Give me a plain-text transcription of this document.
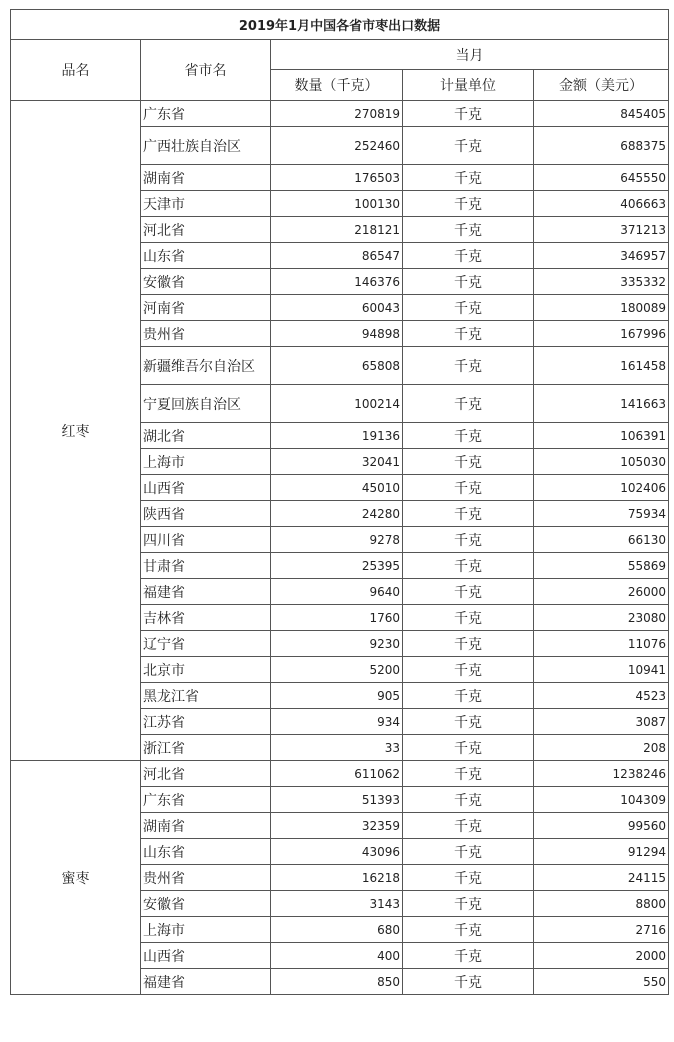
2019年1月中国各省市枣出口数据				
品名	省市名	当月		
		数量（千克）	计量单位	金额（美元）
红枣	广东省	270819	千克	845405
	广西壮族自治区	252460	千克	688375
	湖南省	176503	千克	645550
	天津市	100130	千克	406663
	河北省	218121	千克	371213
	山东省	86547	千克	346957
	安徽省	146376	千克	335332
	河南省	60043	千克	180089
	贵州省	94898	千克	167996
	新疆维吾尔自治区	65808	千克	161458
	宁夏回族自治区	100214	千克	141663
	湖北省	19136	千克	106391
	上海市	32041	千克	105030
	山西省	45010	千克	102406
	陕西省	24280	千克	75934
	四川省	9278	千克	66130
	甘肃省	25395	千克	55869
	福建省	9640	千克	26000
	吉林省	1760	千克	23080
	辽宁省	9230	千克	11076
	北京市	5200	千克	10941
	黑龙江省	905	千克	4523
	江苏省	934	千克	3087
	浙江省	33	千克	208
蜜枣	河北省	611062	千克	1238246
	广东省	51393	千克	104309
	湖南省	32359	千克	99560
	山东省	43096	千克	91294
	贵州省	16218	千克	24115
	安徽省	3143	千克	8800
	上海市	680	千克	2716
	山西省	400	千克	2000
	福建省	850	千克	550
